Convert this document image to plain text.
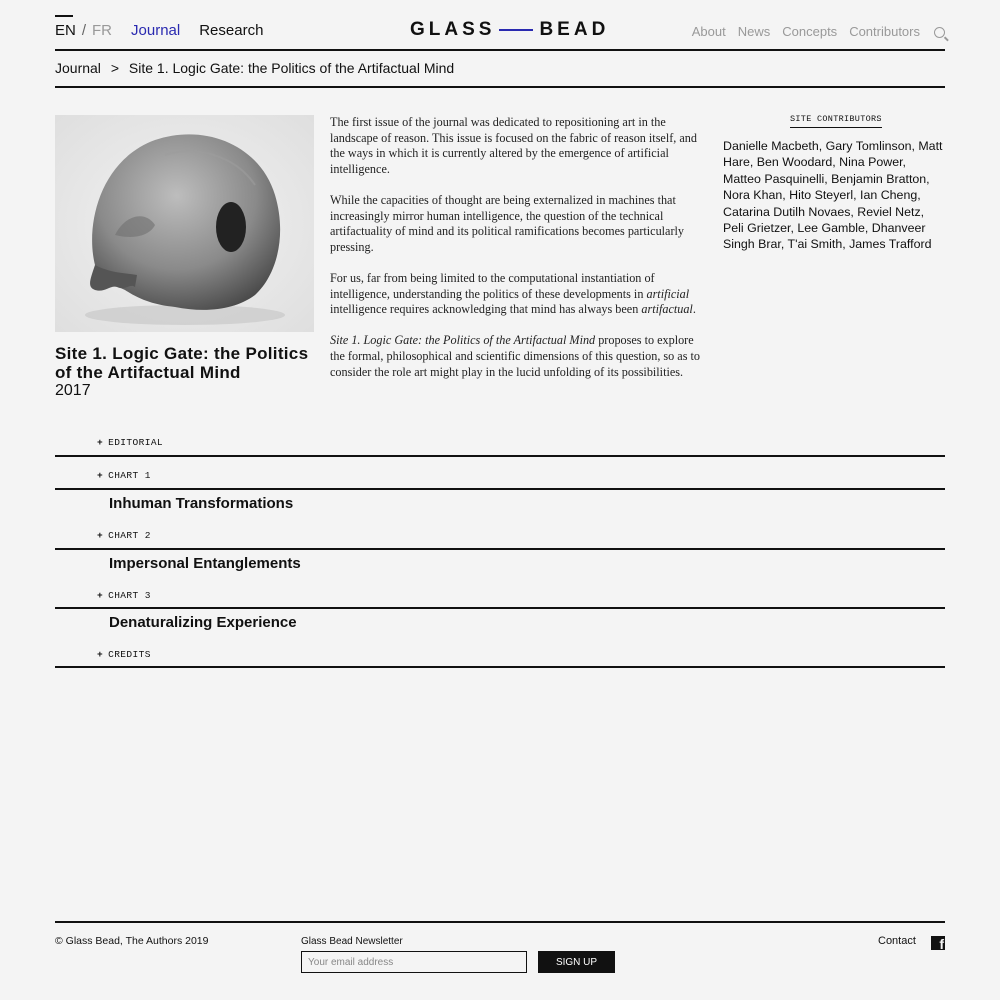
EN / FR Journal Research	GLASS BEAD	About News Concepts Contributors
Journal > Site 1. Logic Gate: the Politics of the Artifactual Mind
Site 1. Logic Gate: the Politics of the Artifactual Mind
2017

The first issue of the journal was dedicated to repositioning art in the landscape of reason. This issue is focused on the fabric of reason itself, and the ways in which it is currently altered by the emergence of artificial intelligence.

While the capacities of thought are being externalized in machines that increasingly mirror human intelligence, the question of the technical artifactuality of mind and its political ramifications becomes particularly pressing.

For us, far from being limited to the computational instantiation of intelligence, understanding the politics of these developments in artificial intelligence requires acknowledging that mind has always been artifactual.

Site 1. Logic Gate: the Politics of the Artifactual Mind proposes to explore the formal, philosophical and scientific dimensions of this question, so as to consider the role art might play in the lucid unfolding of its possibilities.

SITE CONTRIBUTORS
Danielle Macbeth, Gary Tomlinson, Matt Hare, Ben Woodard, Nina Power, Matteo Pasquinelli, Benjamin Bratton, Nora Khan, Hito Steyerl, Ian Cheng, Catarina Dutilh Novaes, Reviel Netz, Peli Grietzer, Lee Gamble, Dhanveer Singh Brar, T'ai Smith, James Trafford
+ EDITORIAL
+ CHART 1
Inhuman Transformations
+ CHART 2
Impersonal Entanglements
+ CHART 3
Denaturalizing Experience
+ CREDITS
© Glass Bead, The Authors 2019	Glass Bead Newsletter
Your email address
SIGN UP
Contact
f
